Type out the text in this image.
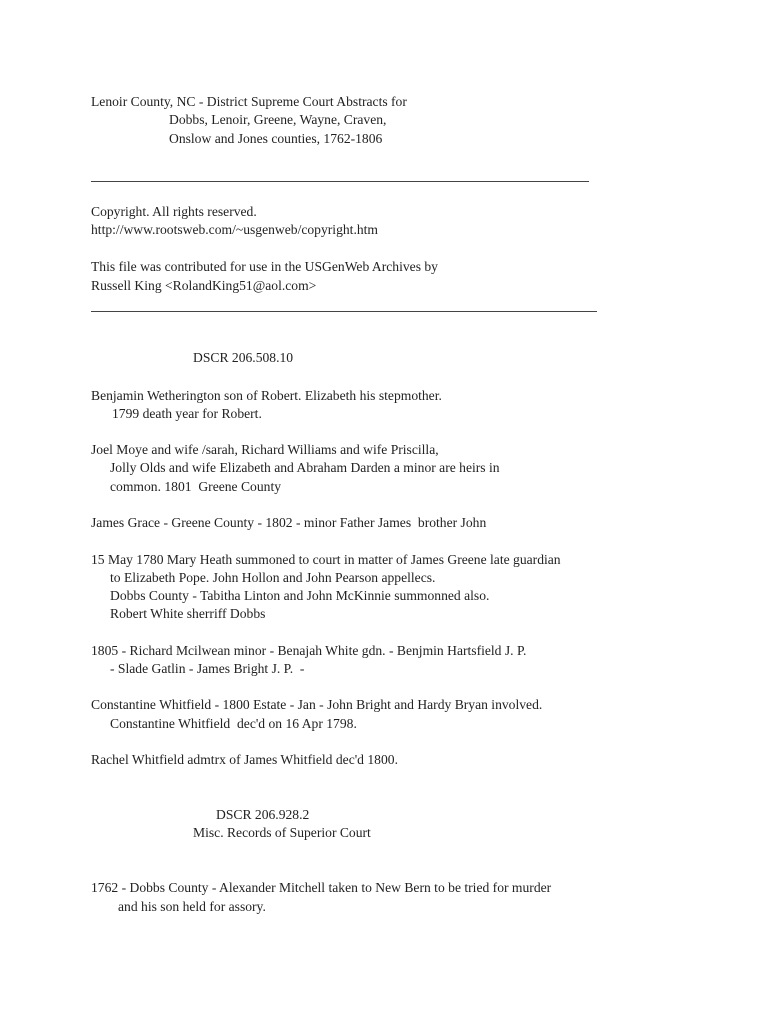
Lenoir County, NC - District Supreme Court Abstracts for
Dobbs, Lenoir, Greene, Wayne, Craven,
Onslow and Jones counties, 1762-1806
Copyright. All rights reserved.
http://www.rootsweb.com/~usgenweb/copyright.htm
This file was contributed for use in the USGenWeb Archives by
Russell King <RolandKing51@aol.com>
DSCR 206.508.10
Benjamin Wetherington son of Robert. Elizabeth his stepmother.
1799 death year for Robert.
Joel Moye and wife /sarah, Richard Williams and wife Priscilla,
Jolly Olds and wife Elizabeth and Abraham Darden a minor are heirs in
common. 1801  Greene County
James Grace - Greene County - 1802 - minor Father James  brother John
15 May 1780 Mary Heath summoned to court in matter of James Greene late guardian
to Elizabeth Pope. John Hollon and John Pearson appellecs.
Dobbs County - Tabitha Linton and John McKinnie summonned also.
Robert White sherriff Dobbs
1805 - Richard Mcilwean minor - Benajah White gdn. - Benjmin Hartsfield J. P.
- Slade Gatlin - James Bright J. P.  -
Constantine Whitfield - 1800 Estate - Jan - John Bright and Hardy Bryan involved.
Constantine Whitfield  dec'd on 16 Apr 1798.
Rachel Whitfield admtrx of James Whitfield dec'd 1800.
DSCR 206.928.2
Misc. Records of Superior Court
1762 - Dobbs County - Alexander Mitchell taken to New Bern to be tried for murder
and his son held for assory.
